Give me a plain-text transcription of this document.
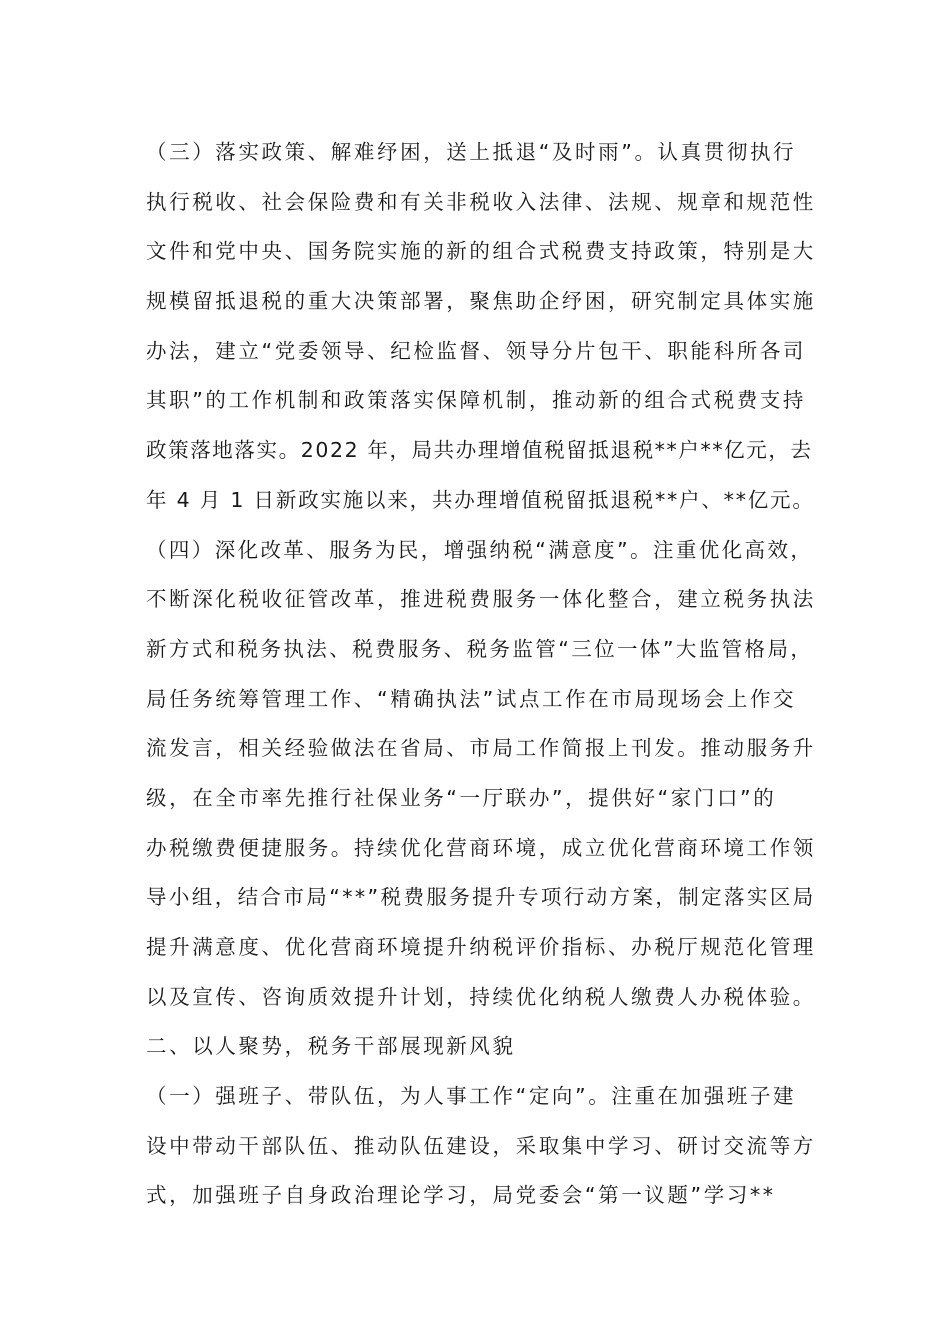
（三）落实政策、解难纾困，送上抵退“及时雨”。认真贯彻执行
执行税收、社会保险费和有关非税收入法律、法规、规章和规范性
文件和党中央、国务院实施的新的组合式税费支持政策，特别是大
规模留抵退税的重大决策部署，聚焦助企纾困，研究制定具体实施
办法，建立“党委领导、纪检监督、领导分片包干、职能科所各司
其职”的工作机制和政策落实保障机制，推动新的组合式税费支持
政策落地落实。2022 年，局共办理增值税留抵退税**户**亿元，去
年 4 月 1 日新政实施以来，共办理增值税留抵退税**户、**亿元。
（四）深化改革、服务为民，增强纳税“满意度”。注重优化高效，
不断深化税收征管改革，推进税费服务一体化整合，建立税务执法
新方式和税务执法、税费服务、税务监管“三位一体”大监管格局，
局任务统筹管理工作、“精确执法”试点工作在市局现场会上作交
流发言，相关经验做法在省局、市局工作简报上刊发。推动服务升
级，在全市率先推行社保业务“一厅联办”，提供好“家门口”的
办税缴费便捷服务。持续优化营商环境，成立优化营商环境工作领
导小组，结合市局“**”税费服务提升专项行动方案，制定落实区局
提升满意度、优化营商环境提升纳税评价指标、办税厅规范化管理
以及宣传、咨询质效提升计划，持续优化纳税人缴费人办税体验。
二、以人聚势，税务干部展现新风貌
（一）强班子、带队伍，为人事工作“定向”。注重在加强班子建
设中带动干部队伍、推动队伍建设，采取集中学习、研讨交流等方
式，加强班子自身政治理论学习，局党委会“第一议题”学习**
